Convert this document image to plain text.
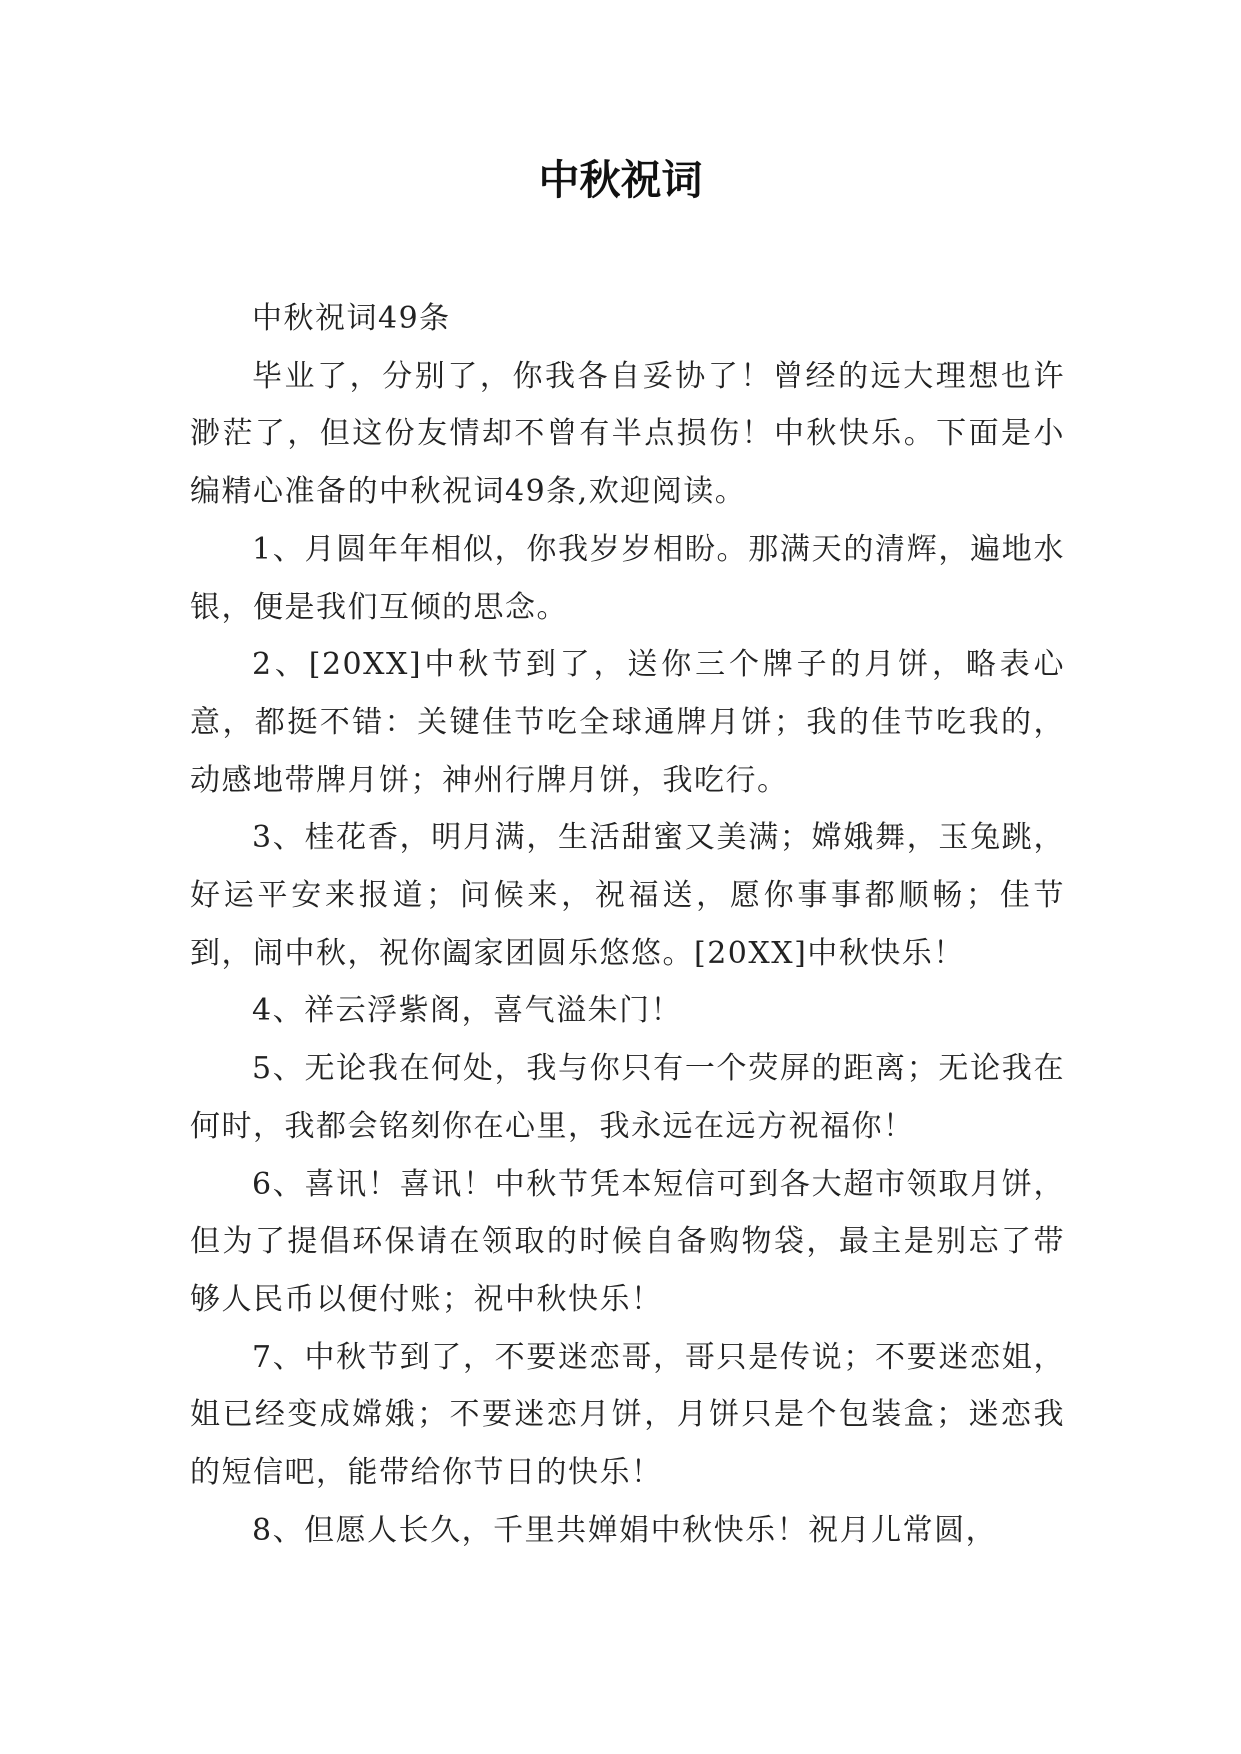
中秋祝词

中秋祝词49条

毕业了，分别了，你我各自妥协了！曾经的远大理想也许渺茫了，但这份友情却不曾有半点损伤！中秋快乐。下面是小编精心准备的中秋祝词49条,欢迎阅读。

1、月圆年年相似，你我岁岁相盼。那满天的清辉，遍地水银，便是我们互倾的思念。

2、[20XX]中秋节到了，送你三个牌子的月饼，略表心意，都挺不错：关键佳节吃全球通牌月饼；我的佳节吃我的，动感地带牌月饼；神州行牌月饼，我吃行。

3、桂花香，明月满，生活甜蜜又美满；嫦娥舞，玉兔跳，好运平安来报道；问候来，祝福送，愿你事事都顺畅；佳节到，闹中秋，祝你阖家团圆乐悠悠。[20XX]中秋快乐！

4、祥云浮紫阁，喜气溢朱门！

5、无论我在何处，我与你只有一个荧屏的距离；无论我在何时，我都会铭刻你在心里，我永远在远方祝福你！

6、喜讯！喜讯！中秋节凭本短信可到各大超市领取月饼，但为了提倡环保请在领取的时候自备购物袋，最主是别忘了带够人民币以便付账；祝中秋快乐！

7、中秋节到了，不要迷恋哥，哥只是传说；不要迷恋姐，姐已经变成嫦娥；不要迷恋月饼，月饼只是个包装盒；迷恋我的短信吧，能带给你节日的快乐！

8、但愿人长久，千里共婵娟中秋快乐！祝月儿常圆，
